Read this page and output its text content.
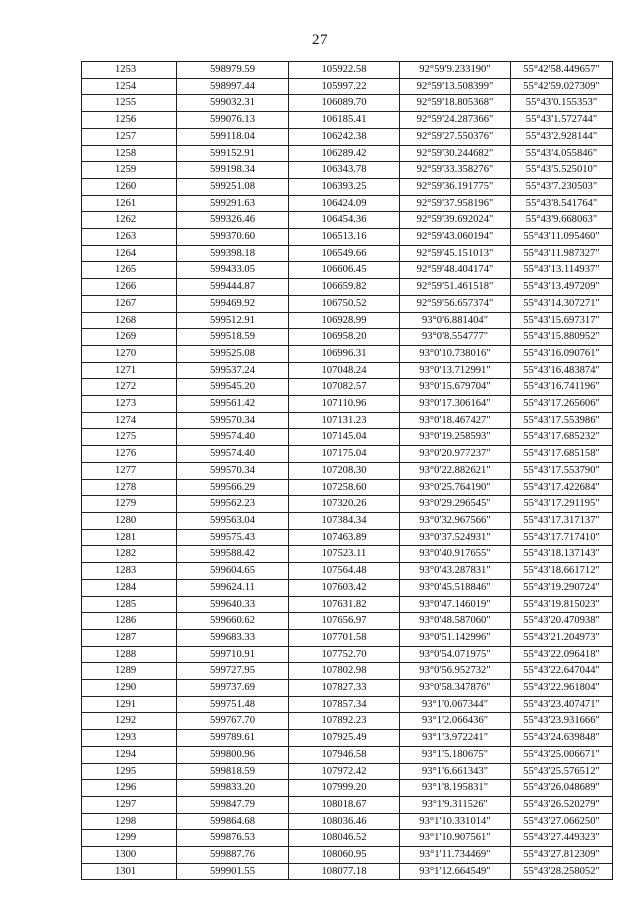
27
1253	598979.59	105922.58	92°59'9.233190"	55°42'58.449657"
1254	598997.44	105997.22	92°59'13.508399"	55°42'59.027309"
1255	599032.31	106089.70	92°59'18.805368"	55°43'0.155353"
1256	599076.13	106185.41	92°59'24.287366"	55°43'1.572744"
1257	599118.04	106242.38	92°59'27.550376"	55°43'2.928144"
1258	599152.91	106289.42	92°59'30.244682"	55°43'4.055846"
1259	599198.34	106343.78	92°59'33.358276"	55°43'5.525010"
1260	599251.08	106393.25	92°59'36.191775"	55°43'7.230503"
1261	599291.63	106424.09	92°59'37.958196"	55°43'8.541764"
1262	599326.46	106454.36	92°59'39.692024"	55°43'9.668063"
1263	599370.60	106513.16	92°59'43.060194"	55°43'11.095460"
1264	599398.18	106549.66	92°59'45.151013"	55°43'11.987327"
1265	599433.05	106606.45	92°59'48.404174"	55°43'13.114937"
1266	599444.87	106659.82	92°59'51.461518"	55°43'13.497209"
1267	599469.92	106750.52	92°59'56.657374"	55°43'14.307271"
1268	599512.91	106928.99	93°0'6.881404"	55°43'15.697317"
1269	599518.59	106958.20	93°0'8.554777"	55°43'15.880952"
1270	599525.08	106996.31	93°0'10.738016"	55°43'16.090761"
1271	599537.24	107048.24	93°0'13.712991"	55°43'16.483874"
1272	599545.20	107082.57	93°0'15.679704"	55°43'16.741196"
1273	599561.42	107110.96	93°0'17.306164"	55°43'17.265606"
1274	599570.34	107131.23	93°0'18.467427"	55°43'17.553986"
1275	599574.40	107145.04	93°0'19.258593"	55°43'17.685232"
1276	599574.40	107175.04	93°0'20.977237"	55°43'17.685158"
1277	599570.34	107208.30	93°0'22.882621"	55°43'17.553790"
1278	599566.29	107258.60	93°0'25.764190"	55°43'17.422684"
1279	599562.23	107320.26	93°0'29.296545"	55°43'17.291195"
1280	599563.04	107384.34	93°0'32.967566"	55°43'17.317137"
1281	599575.43	107463.89	93°0'37.524931"	55°43'17.717410"
1282	599588.42	107523.11	93°0'40.917655"	55°43'18.137143"
1283	599604.65	107564.48	93°0'43.287831"	55°43'18.661712"
1284	599624.11	107603.42	93°0'45.518846"	55°43'19.290724"
1285	599640.33	107631.82	93°0'47.146019"	55°43'19.815023"
1286	599660.62	107656.97	93°0'48.587060"	55°43'20.470938"
1287	599683.33	107701.58	93°0'51.142996"	55°43'21.204973"
1288	599710.91	107752.70	93°0'54.071975"	55°43'22.096418"
1289	599727.95	107802.98	93°0'56.952732"	55°43'22.647044"
1290	599737.69	107827.33	93°0'58.347876"	55°43'22.961804"
1291	599751.48	107857.34	93°1'0.067344"	55°43'23.407471"
1292	599767.70	107892.23	93°1'2.066436"	55°43'23.931666"
1293	599789.61	107925.49	93°1'3.972241"	55°43'24.639848"
1294	599800.96	107946.58	93°1'5.180675"	55°43'25.006671"
1295	599818.59	107972.42	93°1'6.661343"	55°43'25.576512"
1296	599833.20	107999.20	93°1'8.195831"	55°43'26.048689"
1297	599847.79	108018.67	93°1'9.311526"	55°43'26.520279"
1298	599864.68	108036.46	93°1'10.331014"	55°43'27.066250"
1299	599876.53	108046.52	93°1'10.907561"	55°43'27.449323"
1300	599887.76	108060.95	93°1'11.734469"	55°43'27.812309"
1301	599901.55	108077.18	93°1'12.664549"	55°43'28.258052"
